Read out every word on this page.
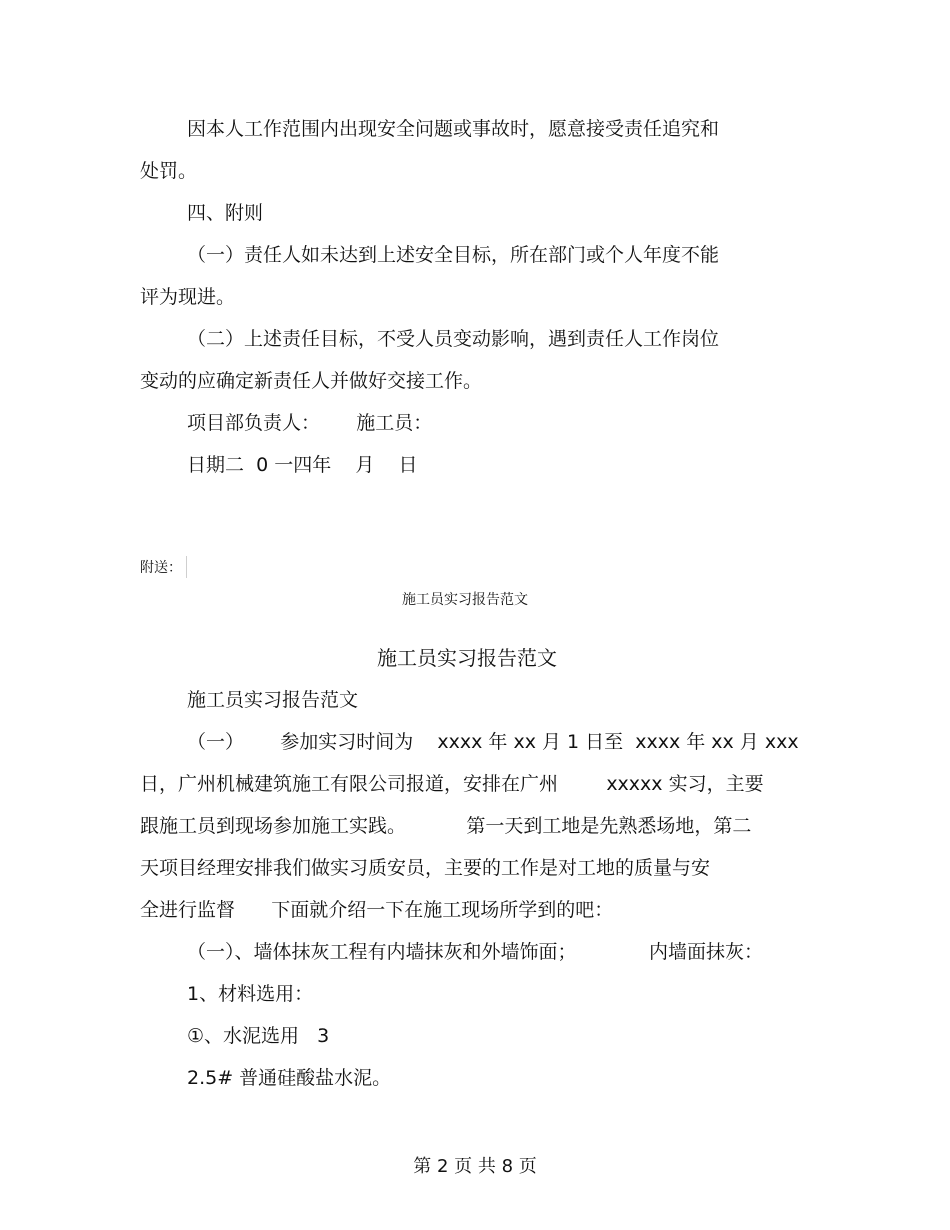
因本人工作范围内出现安全问题或事故时，愿意接受责任追究和
处罚。
四、附则
（一）责任人如未达到上述安全目标，所在部门或个人年度不能
评为现进。
（二）上述责任目标，不受人员变动影响，遇到责任人工作岗位
变动的应确定新责任人并做好交接工作。
项目部负责人：      施工员：
日期二  0 一四年    月    日
附送：
施工员实习报告范文
施工员实习报告范文
施工员实习报告范文
（一）      参加实习时间为    xxxx 年 xx 月 1 日至  xxxx 年 xx 月 xxx
日，广州机械建筑施工有限公司报道，安排在广州        xxxxx 实习，主要
跟施工员到现场参加施工实践。          第一天到工地是先熟悉场地，第二
天项目经理安排我们做实习质安员，主要的工作是对工地的质量与安
全进行监督      下面就介绍一下在施工现场所学到的吧：
（一）、墙体抹灰工程有内墙抹灰和外墙饰面；            内墙面抹灰：
1、材料选用：
①、水泥选用   3
2.5# 普通硅酸盐水泥。
第 2 页 共 8 页
